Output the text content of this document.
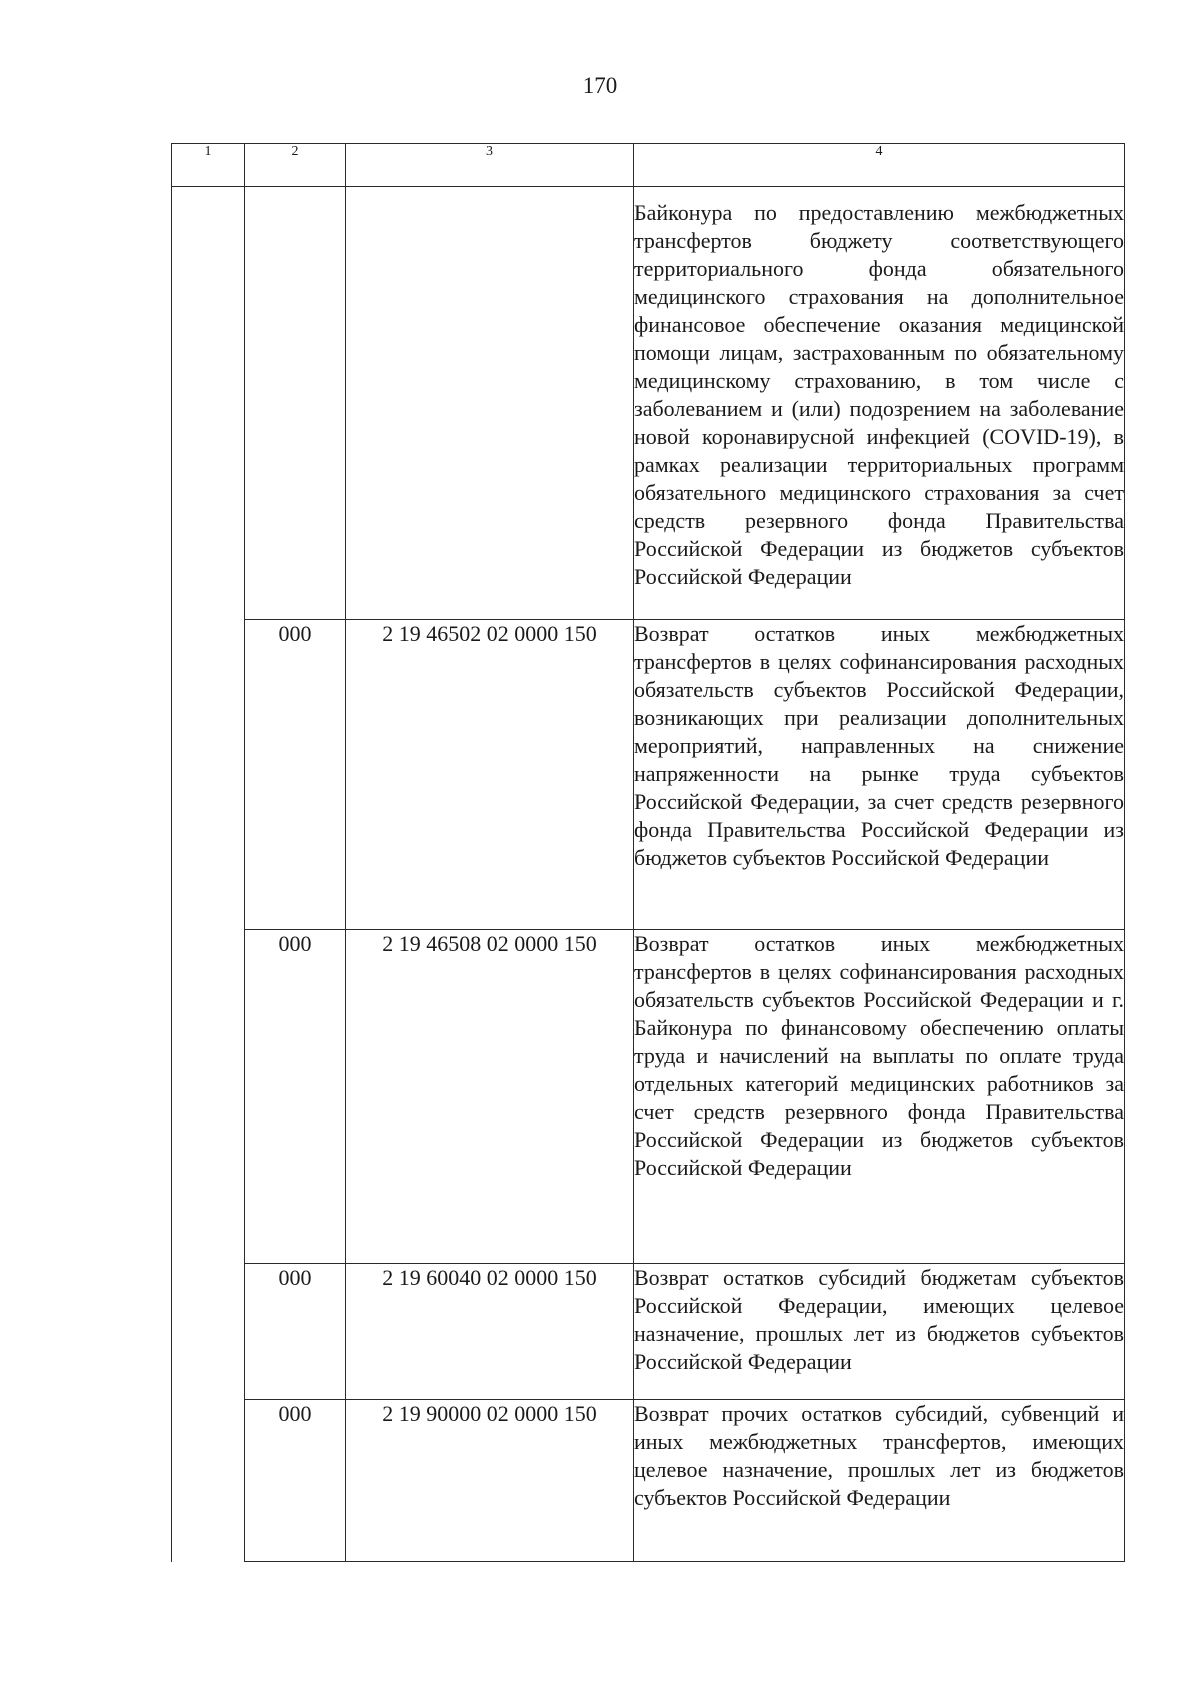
170
1	2	3	4
			Байконура по предоставлению межбюджетных трансфертов бюджету соответствующего территориального фонда обязательного медицинского страхования на дополнительное финансовое обеспечение оказания медицинской помощи лицам, застрахованным по обязательному медицинскому страхованию, в том числе с заболеванием и (или) подозрением на заболевание новой коронавирусной инфекцией (COVID-19), в рамках реализации территориальных программ обязательного медицинского страхования за счет средств резервного фонда Правительства Российской Федерации из бюджетов субъектов Российской Федерации
	000	2 19 46502 02 0000 150	Возврат остатков иных межбюджетных трансфертов в целях софинансирования расходных обязательств субъектов Российской Федерации, возникающих при реализации дополнительных мероприятий, направленных на снижение напряженности на рынке труда субъектов Российской Федерации, за счет средств резервного фонда Правительства Российской Федерации из бюджетов субъектов Российской Федерации
	000	2 19 46508 02 0000 150	Возврат остатков иных межбюджетных трансфертов в целях софинансирования расходных обязательств субъектов Российской Федерации и г. Байконура по финансовому обеспечению оплаты труда и начислений на выплаты по оплате труда отдельных категорий медицинских работников за счет средств резервного фонда Правительства Российской Федерации из бюджетов субъектов Российской Федерации
	000	2 19 60040 02 0000 150	Возврат остатков субсидий бюджетам субъектов Российской Федерации, имеющих целевое назначение, прошлых лет из бюджетов субъектов Российской Федерации
	000	2 19 90000 02 0000 150	Возврат прочих остатков субсидий, субвенций и иных межбюджетных трансфертов, имеющих целевое назначение, прошлых лет из бюджетов субъектов Российской Федерации
